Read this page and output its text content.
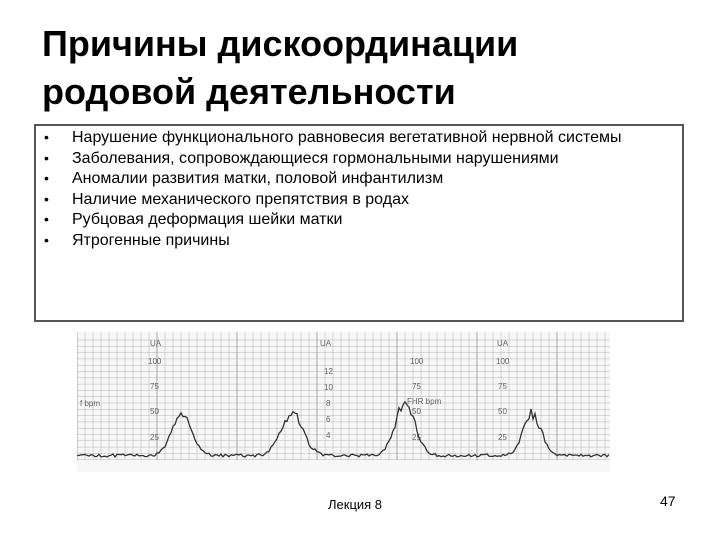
Причины дискоординации родовой деятельности
• Нарушение функционального равновесия вегетативной нервной системы
• Заболевания, сопровождающиеся гормональными нарушениями
• Аномалии развития матки, половой инфантилизм
• Наличие механического препятствия в родах
• Рубцовая деформация шейки матки
• Ятрогенные причины
UA
100
75
50
25
UA
12
10
8
6
4
100
75
50
25
UA
100
75
50
25
FHR bpm
f bpm
Лекция 8	47
